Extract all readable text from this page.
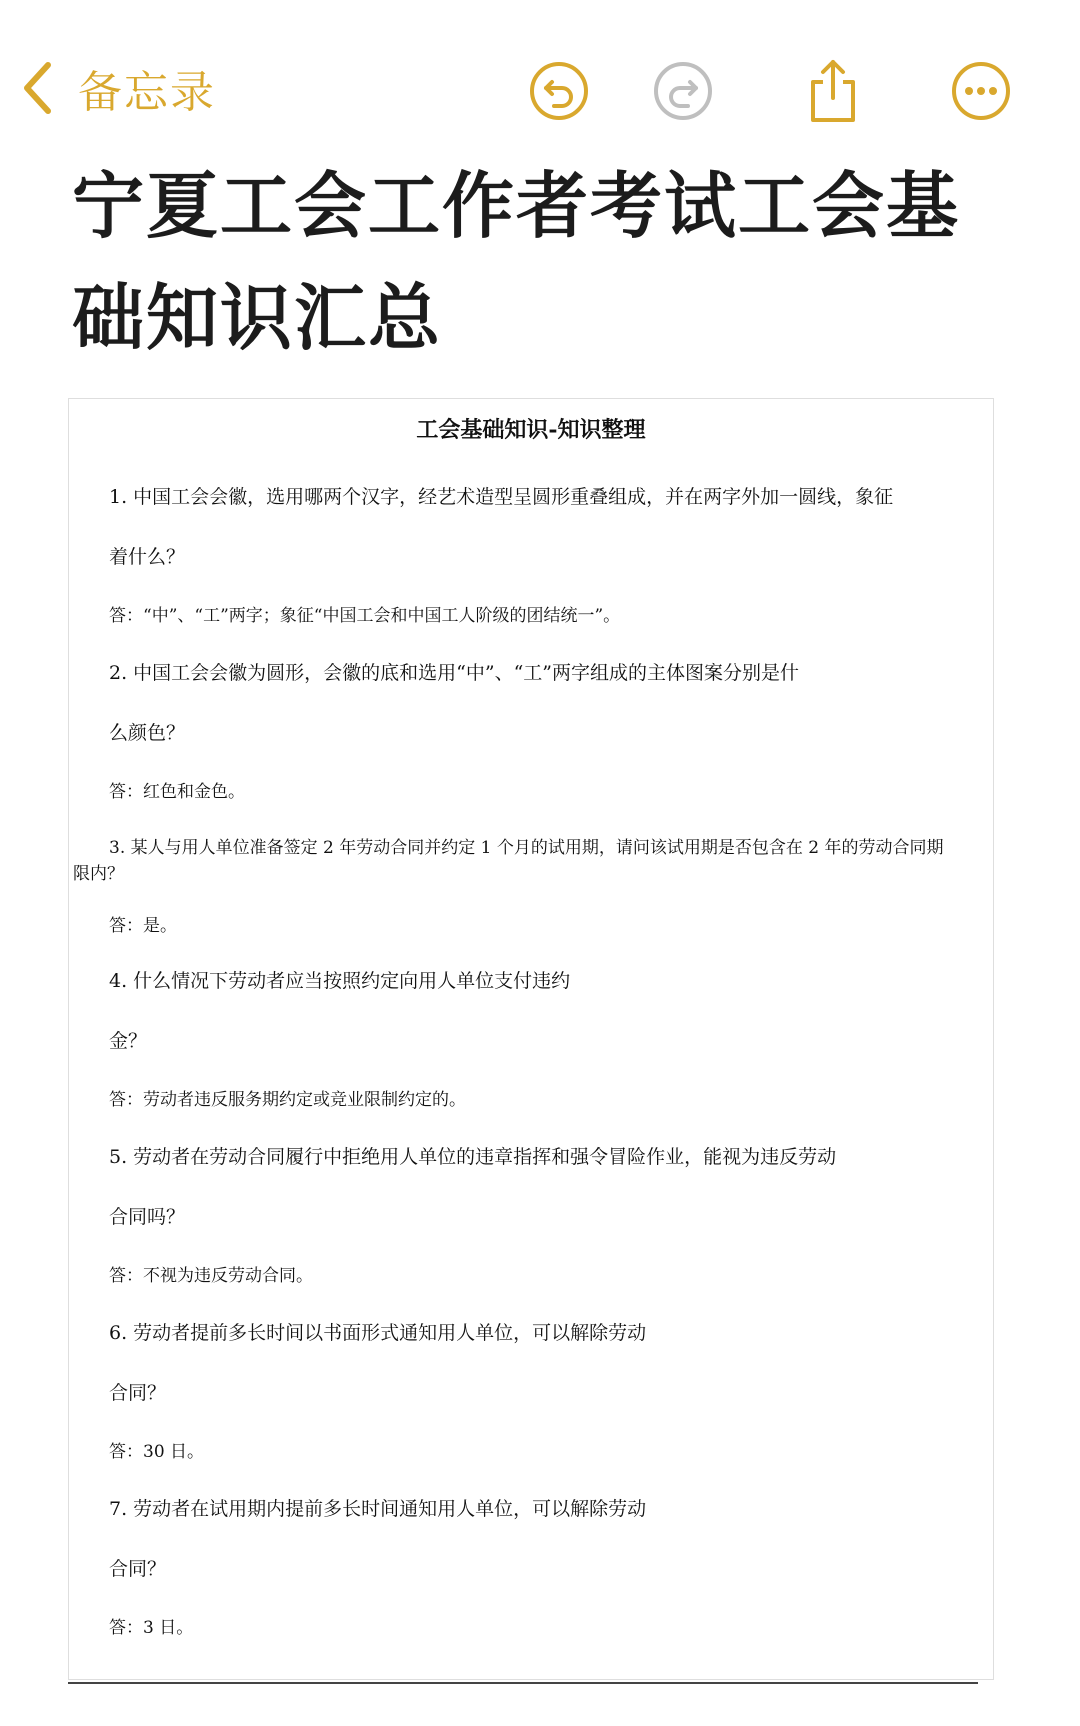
备忘录
宁夏工会工作者考试工会基础知识汇总
工会基础知识-知识整理
1. 中国工会会徽，选用哪两个汉字，经艺术造型呈圆形重叠组成，并在两字外加一圆线，象征
着什么？
答：“中”、“工”两字；象征“中国工会和中国工人阶级的团结统一”。
2. 中国工会会徽为圆形，会徽的底和选用“中”、“工”两字组成的主体图案分别是什
么颜色？
答：红色和金色。
3. 某人与用人单位准备签定 2 年劳动合同并约定 1 个月的试用期，请问该试用期是否包含在 2 年的劳动合同期
限内？
答：是。
4. 什么情况下劳动者应当按照约定向用人单位支付违约
金？
答：劳动者违反服务期约定或竞业限制约定的。
5. 劳动者在劳动合同履行中拒绝用人单位的违章指挥和强令冒险作业，能视为违反劳动
合同吗？
答：不视为违反劳动合同。
6. 劳动者提前多长时间以书面形式通知用人单位，可以解除劳动
合同？
答：30 日。
7. 劳动者在试用期内提前多长时间通知用人单位，可以解除劳动
合同？
答：3 日。
